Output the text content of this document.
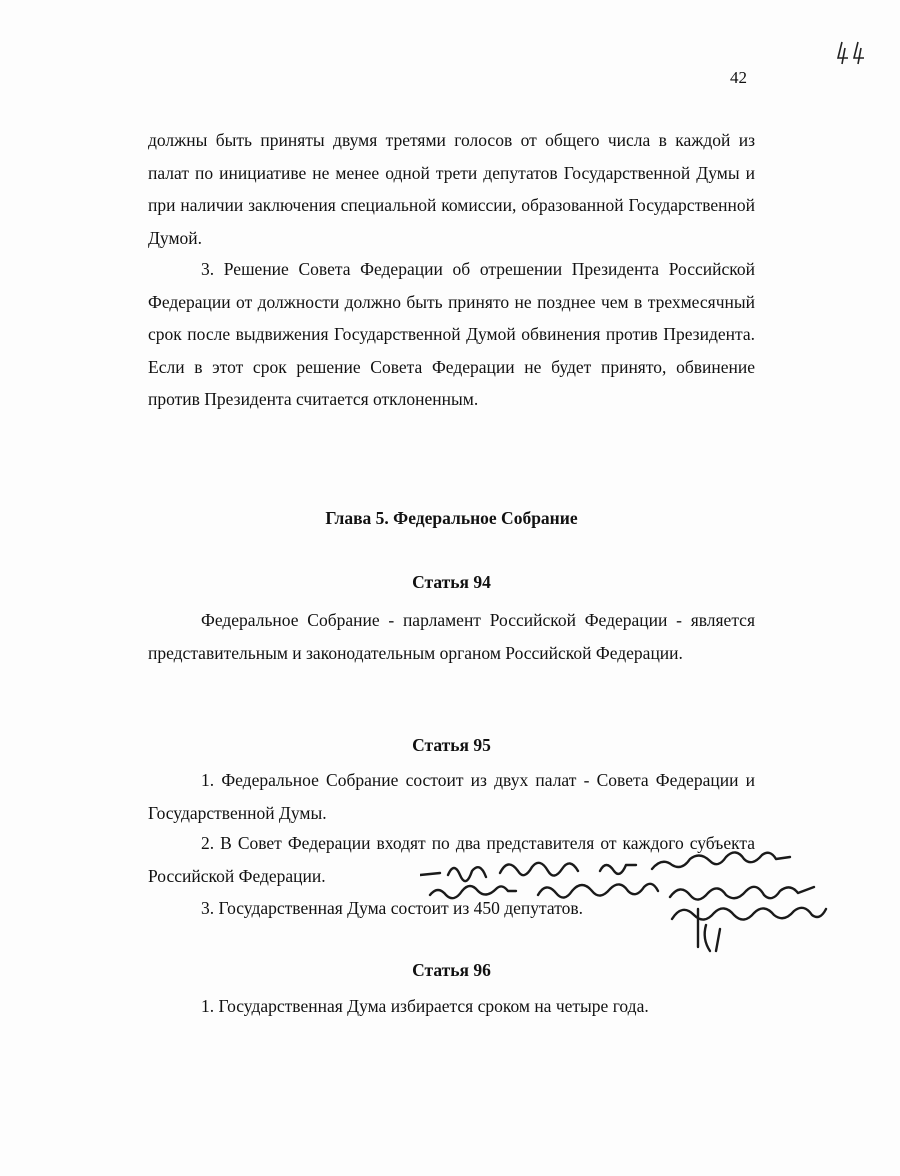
42

должны быть приняты двумя третями голосов от общего числа в каждой из палат по инициативе не менее одной трети депутатов Государственной Думы и при наличии заключения специальной комиссии, образованной Государственной Думой.

3. Решение Совета Федерации об отрешении Президента Российской Федерации от должности должно быть принято не позднее чем в трехмесячный срок после выдвижения Государственной Думой обвинения против Президента. Если в этот срок решение Совета Федерации не будет принято, обвинение против Президента считается отклоненным.

Глава 5. Федеральное Собрание
Статья 94

Федеральное Собрание - парламент Российской Федерации - является представительным и законодательным органом Российской Федерации.

Статья 95

1. Федеральное Собрание состоит из двух палат - Совета Федерации и Государственной Думы.

2. В Совет Федерации входят по два представителя от каждого субъекта Российской Федерации.

3. Государственная Дума состоит из 450 депутатов.
Статья 96
1. Государственная Дума избирается сроком на четыре года.
